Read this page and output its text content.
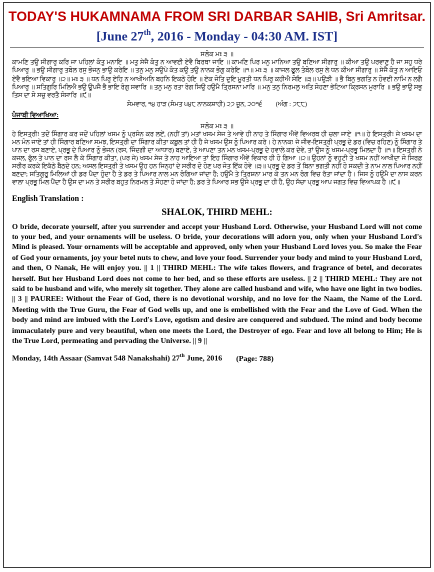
TODAY'S HUKAMNAMA FROM SRI DARBAR SAHIB, Sri Amritsar.
[June 27th, 2016 - Monday - 04:30 AM. IST]
ਸਲੋਕ ਮਃ ੩ ॥
ਕਾਮਣਿ ਤਉ ਸੀਗਾਰੁ ਕਰਿ ਜਾ ਪਹਿਲਾਂ ਕੰਤੁ ਮਨਾਇ ॥ ਮਤੁ ਸੇਜੈ ਕੰਤੁ ਨ ਆਵਈ ਏਵੈ ਬਿਰਥਾ ਜਾਇ ॥ ਕਾਮਣਿ ਪਿਰ ਮਨੁ ਮਾਨਿਆ ਤਉ ਬਣਿਆ ਸੀਗਾਰੁ ॥ ਕੀਆ ਤਉ ਪਰਵਾਣੁ ਹੈ ਜਾ ਸਹੁ ਧਰੇ ਪਿਆਰੁ ॥ ਭਉ ਸੀਗਾਰੁ ਤਬੋਲ ਰਸੁ ਭੋਜਨੁ ਭਾਉ ਕਰੇਇ ॥ ਤਨੁ ਮਨੁ ਸਉਪੇ ਕੰਤ ਕਉ ਤਉ ਨਾਨਕ ਭੋਗੁ ਕਰੇਇ ॥੧॥ ਮਃ ੩ ॥ ਕਾਜਲ ਫੂਲ ਤੰਬੋਲ ਰਸੁ ਲੇ ਧਨ ਕੀਆ ਸੀਗਾਰੁ ॥ ਸੇਜੈ ਕੰਤੁ ਨ ਆਇਓ ਏਵੈ ਭਇਆ ਵਿਕਾਰੁ ॥੨॥ ਮਃ ੩ ॥ ਧਨ ਪਿਰੁ ਏਹਿ ਨ ਆਖੀਅਨਿ ਬਹਨਿ ਇਕਠੇ ਹੋਇ ॥ ਏਕ ਜੋਤਿ ਦੁਇ ਮੂਰਤੀ ਧਨ ਪਿਰੁ ਕਹੀਐ ਸੋਇ ॥੩॥ ਪਉੜੀ ॥ ਭੈ ਬਿਨੁ ਭਗਤਿ ਨ ਹੋਵਈ ਨਾਮਿ ਨ ਲਗੈ ਪਿਆਰੁ ॥ ਸਤਿਗੁਰਿ ਮਿਲਿਐ ਭਉ ਊਪਜੈ ਭੈ ਭਾਇ ਰੰਗੁ ਸਵਾਰਿ ॥ ਤਨੁ ਮਨੁ ਰਤਾ ਰੰਗ ਸਿਉ ਹਉਮੈ ਤ੍ਰਿਸਨਾ ਮਾਰਿ ॥ ਮਨੁ ਤਨੁ ਨਿਰਮਲੁ ਅਤਿ ਸੋਹਣਾ ਭੇਟਿਆ ਕ੍ਰਿਸਨ ਮੁਰਾਰਿ ॥ ਭਉ ਭਾਉ ਸਭੁ ਤਿਸ ਦਾ ਸੋ ਸਚੁ ਵਰਤੈ ਸੰਸਾਰਿ ॥੯॥
ਸੋਮਵਾਰ, ੧੪ ਹਾੜ (ਸੰਮਤ ੫੪੮ ਨਾਨਕਸ਼ਾਹੀ) ੨੭ ਜੂਨ, ੨੦੧੬ (ਅੰਗ : ੭੮੮)
ਪੰਜਾਬੀ ਵਿਆਖਿਆ:
ਸਲੋਕ ਮਃ ੩ ॥
ਹੇ ਇਸਤ੍ਰੀ! ਤਦੋਂ ਸਿੰਗਾਰ ਕਰ ਜਦੋਂ ਪਹਿਲਾਂ ਖਸਮ ਨੂੰ ਪ੍ਰਸੰਨ ਕਰ ਲਏਂ, (ਨਹੀਂ ਤਾਂ) ਮਤਾਂ ਖਸਮ ਸੇਜ ਤੇ ਆਵੇ ਹੀ ਨਾਹ ਤੇ ਸਿੰਗਾਰ ਐਵੇਂ ਵਿਅਰਥ ਹੀ ਚਲਾ ਜਾਏ ॥੧॥ ਹੇ ਇਸਤ੍ਰੀ! ਜੇ ਖਸਮ ਦਾ ਮਨ ਮੰਨ ਜਾਏ ਤਾਂ ਹੀ ਸਿੰਗਾਰ ਬਣਿਆ ਸਮਝ, ਇਸਤ੍ਰੀ ਦਾ ਸਿੰਗਾਰ ਕੀਤਾ ਕਬੂਲ ਤਾਂ ਹੀ ਹੈ ਜੇ ਖਸਮ ਉਸ ਨੂੰ ਪਿਆਰ ਕਰੇ। ਹੇ ਨਾਨਕ! ਜੇ ਜੀਵ-ਇਸਤ੍ਰੀ ਪ੍ਰਭੂ ਦੇ ਡਰ (ਵਿਚ ਰਹਿਣ) ਨੂੰ ਸਿੰਗਾਰ ਤੇ ਪਾਨ ਦਾ ਰਸ ਬਣਾਏ, ਪ੍ਰਭੂ ਦੇ ਪਿਆਰ ਨੂੰ ਭੋਜਨ (ਰਸ, ਜਿੰਦਗੀ ਦਾ ਆਧਾਰ) ਬਣਾਏ, ਤੇ ਆਪਣਾ ਤਨ ਮਨ ਖਸਮ-ਪ੍ਰਭੂ ਦੇ ਹਵਾਲੇ ਕਰ ਦੇਵੇ, ਤਾਂ ਉਸ ਨੂੰ ਖਸਮ-ਪ੍ਰਭੂ ਮਿਲਦਾ ਹੈ ॥੧॥ ਇਸਤ੍ਰੀ ਨੇ ਕਜਲ, ਫੁੱਲ ਤੇ ਪਾਨ ਦਾ ਰਸ ਲੈ ਕੇ ਸਿੰਗਾਰ ਕੀਤਾ, (ਪਰ ਜੇ) ਖਸਮ ਸੇਜ ਤੇ ਨਾਹ ਆਇਆ ਤਾਂ ਇਹ ਸਿੰਗਾਰ ਐਵੇਂ ਵਿਕਾਰ ਹੀ ਹੋ ਗਿਆ ॥੨॥ ਉਹਨਾਂ ਨੂੰ ਵਹੁਟੀ ਤੇ ਖਸਮ ਨਹੀਂ ਆਖੀਦਾ ਜੋ ਸਿਰਫ਼ ਸਰੀਰ ਕਰਕੇ ਇਕੱਠੇ ਬੈਠਦੇ ਹਨ; ਅਸਲ ਇਸਤ੍ਰੀ ਤੇ ਖਸਮ ਉਹ ਹਨ ਜਿਨ੍ਹਾਂ ਦੇ ਸਰੀਰ ਦੋ ਹੋਣ ਪਰ ਜੋਤ ਇੱਕ ਹੋਵੇ ॥੩॥ ਪ੍ਰਭੂ ਦੇ ਡਰ ਤੋਂ ਬਿਨਾ ਭਗਤੀ ਨਹੀਂ ਹੋ ਸਕਦੀ ਤੇ ਨਾਮ ਨਾਲ ਪਿਆਰ ਨਹੀਂ ਬਣਦਾ; ਸਤਿਗੁਰੂ ਮਿਲਿਆਂ ਹੀ ਡਰ ਪੈਦਾ ਹੁੰਦਾ ਹੈ ਤੇ ਡਰ ਤੇ ਪਿਆਰ ਨਾਲ ਮਨ ਰੰਗਿਆ ਜਾਂਦਾ ਹੈ; ਹਉਮੈ ਤੇ ਤ੍ਰਿਸ਼ਨਾ ਮਾਰ ਕੇ ਤਨ ਮਨ ਰੰਗ ਵਿਚ ਰੱਤਾ ਜਾਂਦਾ ਹੈ। ਜਿਸ ਨੂੰ ਹਉਮੈ ਦਾ ਨਾਸ ਕਰਨ ਵਾਲਾ ਪ੍ਰਭੂ ਮਿਲ ਪੈਂਦਾ ਹੈ ਉਸ ਦਾ ਮਨ ਤੇ ਸਰੀਰ ਬਹੁਤ ਨਿਰਮਲ ਤੇ ਸੋਹਣਾ ਹੋ ਜਾਂਦਾ ਹੈ; ਡਰ ਤੇ ਪਿਆਰ ਸਭ ਉਸੇ ਪ੍ਰਭੂ ਦਾ ਹੀ ਹੈ, ਉਹ ਸੱਚਾ ਪ੍ਰਭੂ ਆਪ ਜਗਤ ਵਿਚ ਵਿਆਪਕ ਹੈ ॥੯॥
English Translation :
SHALOK, THIRD MEHL:
O bride, decorate yourself, after you surrender and accept your Husband Lord. Otherwise, your Husband Lord will not come to your bed, and your ornaments will be useless. O bride, your decorations will adorn you, only when your Husband Lord's Mind is pleased. Your ornaments will be acceptable and approved, only when your Husband Lord loves you. So make the Fear of God your ornaments, joy your betel nuts to chew, and love your food. Surrender your body and mind to your Husband Lord, and then, O Nanak, He will enjoy you. || 1 || THIRD MEHL: The wife takes flowers, and fragrance of betel, and decorates herself. But her Husband Lord does not come to her bed, and so these efforts are useless. || 2 || THIRD MEHL: They are not said to be husband and wife, who merely sit together. They alone are called husband and wife, who have one light in two bodies. || 3 || PAUREE: Without the Fear of God, there is no devotional worship, and no love for the Naam, the Name of the Lord. Meeting with the True Guru, the Fear of God wells up, and one is embellished with the Fear and the Love of God. When the body and mind are imbued with the Lord's Love, egotism and desire are conquered and subdued. The mind and body become immaculately pure and very beautiful, when one meets the Lord, the Destroyer of ego. Fear and love all belong to Him; He is the True Lord, permeating and pervading the Universe. || 9 ||
Monday, 14th Assaar (Samvat 548 Nanakshahi) 27th June, 2016 (Page: 788)
